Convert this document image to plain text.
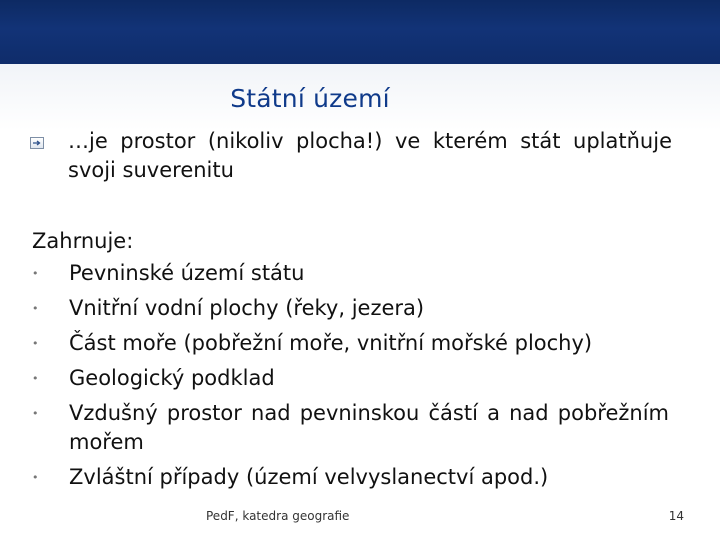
Státní území
…je prostor (nikoliv plocha!) ve kterém stát uplatňuje
svoji suverenitu
Zahrnuje:
• Pevninské území státu
• Vnitřní vodní plochy (řeky, jezera)
• Část moře (pobřežní moře, vnitřní mořské plochy)
• Geologický podklad
• Vzdušný prostor nad pevninskou částí a nad pobřežním
mořem
• Zvláštní případy (území velvyslanectví apod.)
PedF, katedra geografie	14
